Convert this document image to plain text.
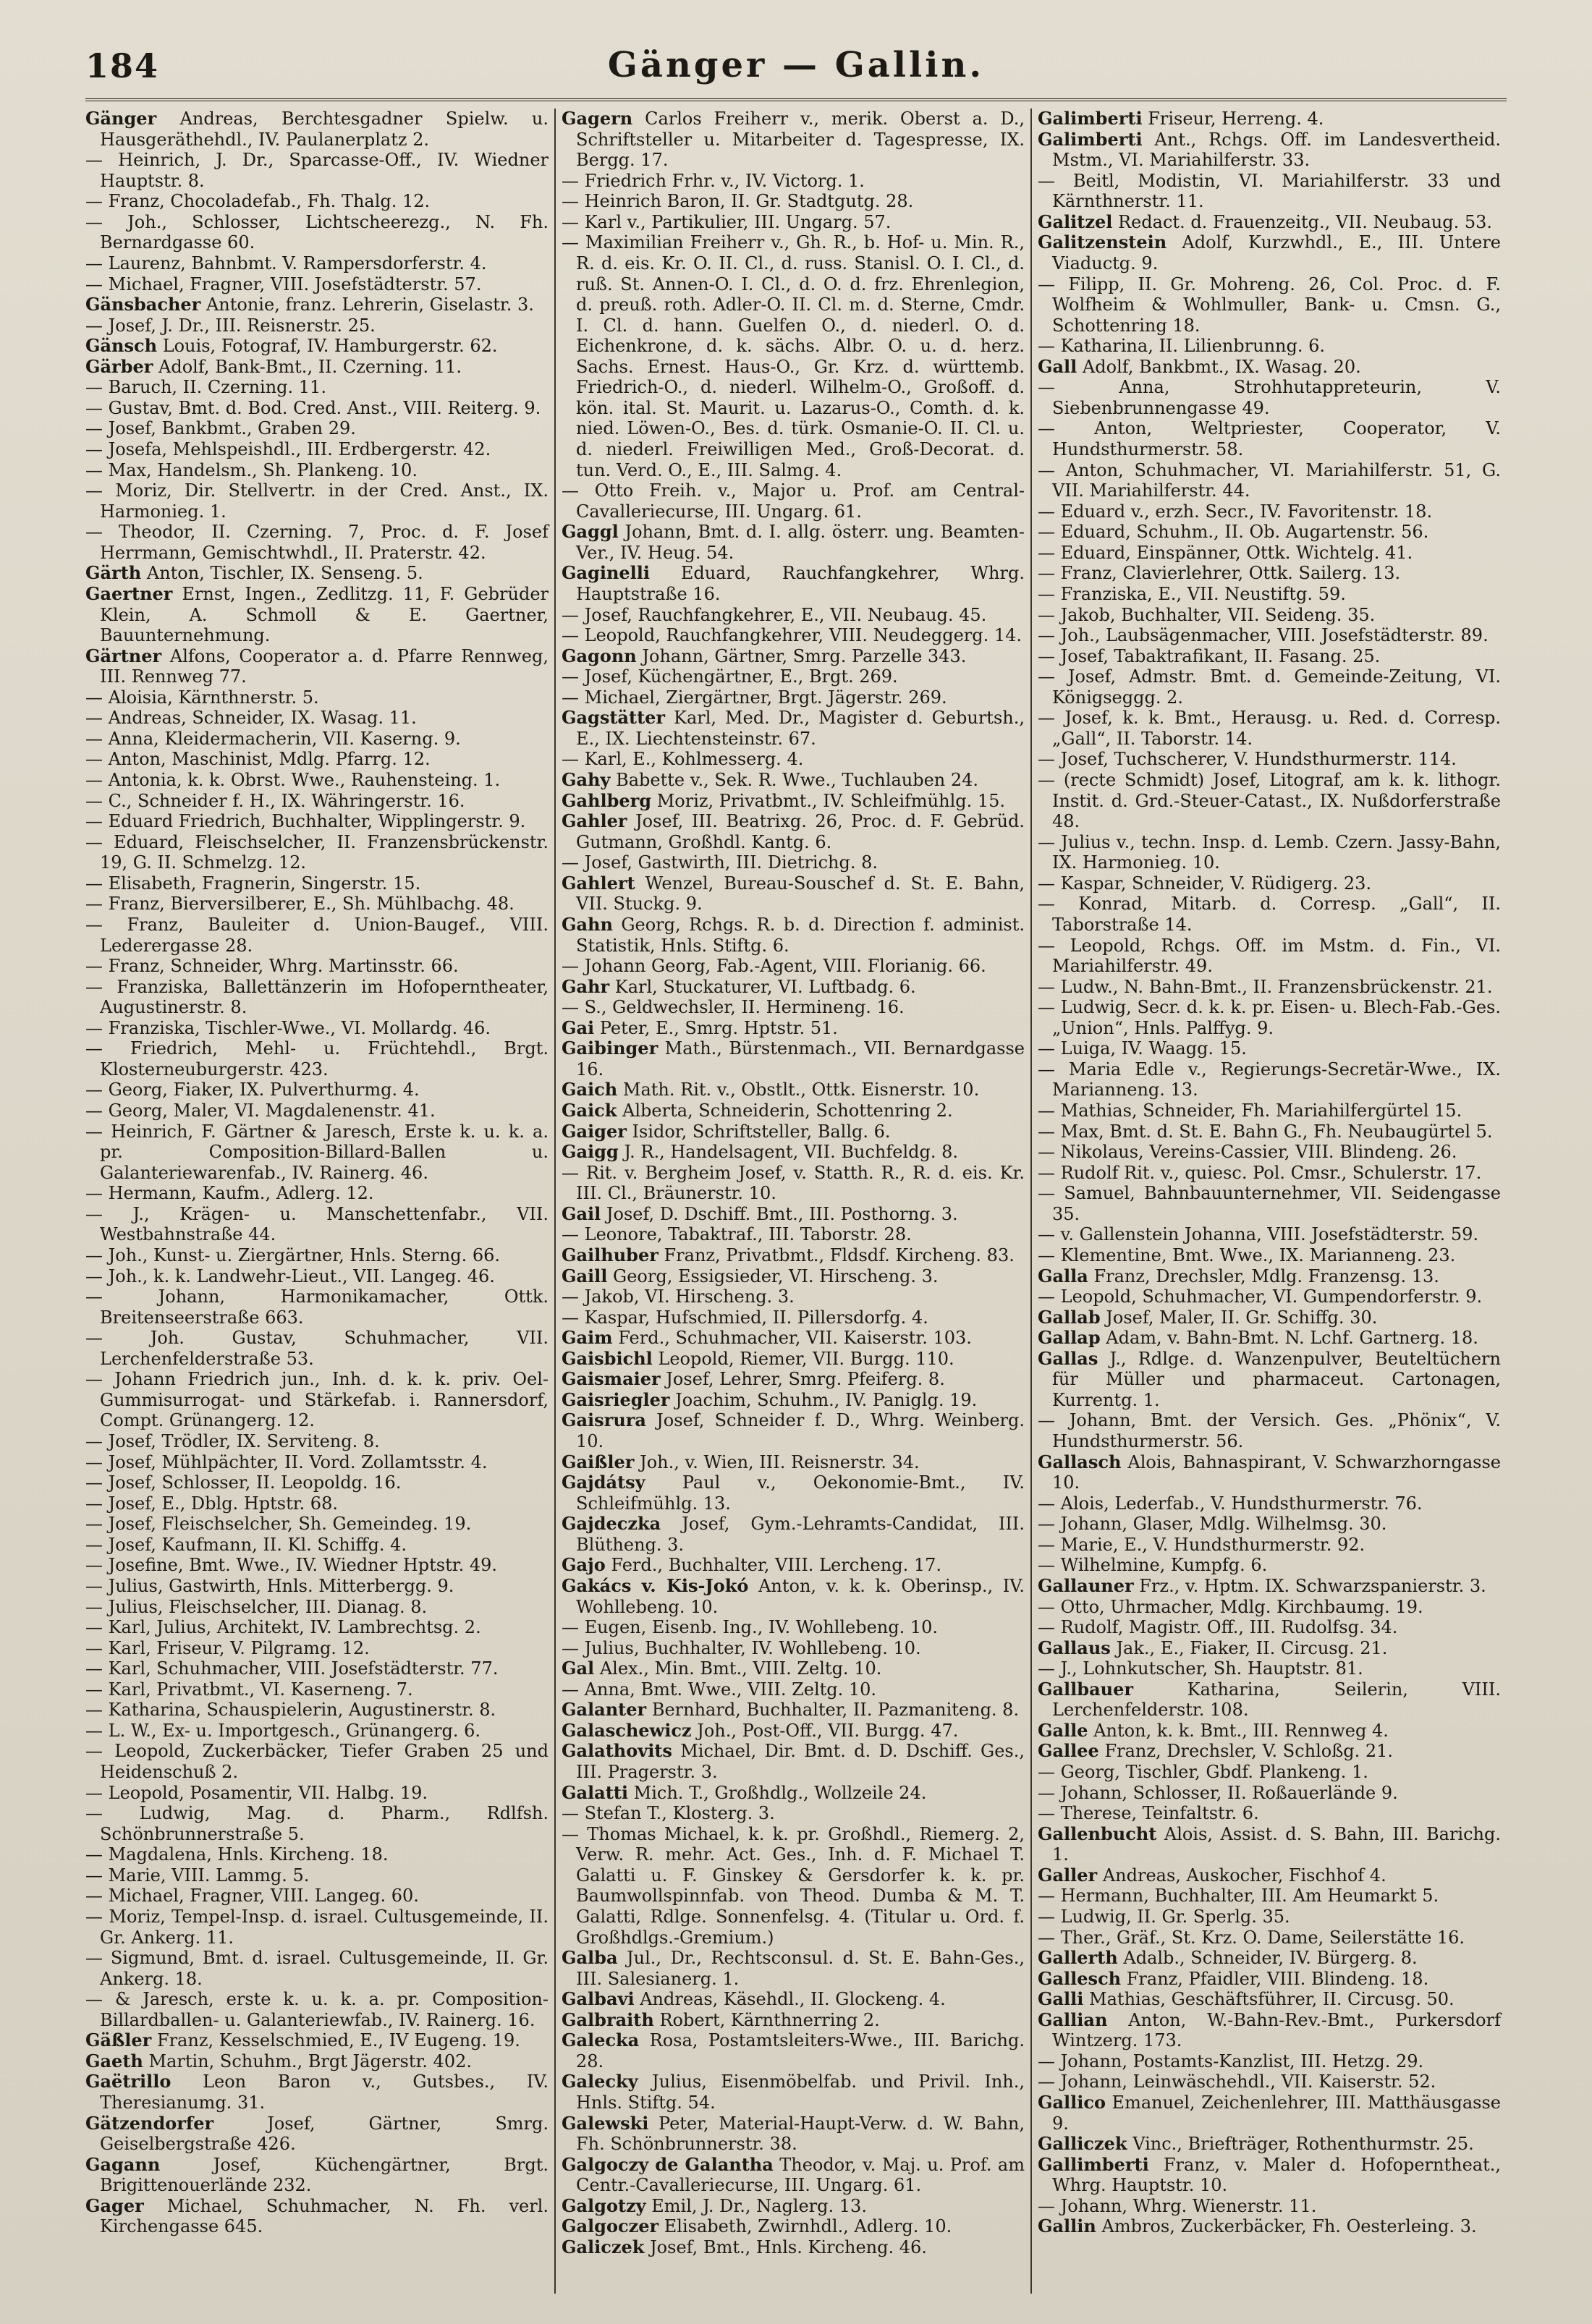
184	Gänger — Gallin.

Gänger Andreas, Berchtesgadner Spielw. u. Hausgeräthehdl., IV. Paulanerplatz 2.

— Heinrich, J. Dr., Sparcasse-Off., IV. Wiedner Hauptstr. 8.

— Franz, Chocoladefab., Fh. Thalg. 12.

— Joh., Schlosser, Lichtscheerezg., N. Fh. Bernardgasse 60.

— Laurenz, Bahnbmt. V. Rampersdorferstr. 4.

— Michael, Fragner, VIII. Josefstädterstr. 57.

Gänsbacher Antonie, franz. Lehrerin, Giselastr. 3.

— Josef, J. Dr., III. Reisnerstr. 25.

Gänsch Louis, Fotograf, IV. Hamburgerstr. 62.

Gärber Adolf, Bank-Bmt., II. Czerning. 11.

— Baruch, II. Czerning. 11.

— Gustav, Bmt. d. Bod. Cred. Anst., VIII. Reiterg. 9.

— Josef, Bankbmt., Graben 29.

— Josefa, Mehlspeishdl., III. Erdbergerstr. 42.

— Max, Handelsm., Sh. Plankeng. 10.

— Moriz, Dir. Stellvertr. in der Cred. Anst., IX. Harmonieg. 1.

— Theodor, II. Czerning. 7, Proc. d. F. Josef Herrmann, Gemischtwhdl., II. Praterstr. 42.

Gärth Anton, Tischler, IX. Senseng. 5.

Gaertner Ernst, Ingen., Zedlitzg. 11, F. Gebrüder Klein, A. Schmoll & E. Gaertner, Bauunternehmung.

Gärtner Alfons, Cooperator a. d. Pfarre Rennweg, III. Rennweg 77.

— Aloisia, Kärnthnerstr. 5.

— Andreas, Schneider, IX. Wasag. 11.

— Anna, Kleidermacherin, VII. Kaserng. 9.

— Anton, Maschinist, Mdlg. Pfarrg. 12.

— Antonia, k. k. Obrst. Wwe., Rauhensteing. 1.

— C., Schneider f. H., IX. Währingerstr. 16.

— Eduard Friedrich, Buchhalter, Wipplingerstr. 9.

— Eduard, Fleischselcher, II. Franzensbrückenstr. 19, G. II. Schmelzg. 12.

— Elisabeth, Fragnerin, Singerstr. 15.

— Franz, Bierversilberer, E., Sh. Mühlbachg. 48.

— Franz, Bauleiter d. Union-Baugef., VIII. Lederergasse 28.

— Franz, Schneider, Whrg. Martinsstr. 66.

— Franziska, Ballettänzerin im Hofoperntheater, Augustinerstr. 8.

— Franziska, Tischler-Wwe., VI. Mollardg. 46.

— Friedrich, Mehl- u. Früchtehdl., Brgt. Klosterneuburgerstr. 423.

— Georg, Fiaker, IX. Pulverthurmg. 4.

— Georg, Maler, VI. Magdalenenstr. 41.

— Heinrich, F. Gärtner & Jaresch, Erste k. u. k. a. pr. Composition-Billard-Ballen u. Galanteriewarenfab., IV. Rainerg. 46.

— Hermann, Kaufm., Adlerg. 12.

— J., Krägen- u. Manschettenfabr., VII. Westbahnstraße 44.

— Joh., Kunst- u. Ziergärtner, Hnls. Sterng. 66.

— Joh., k. k. Landwehr-Lieut., VII. Langeg. 46.

— Johann, Harmonikamacher, Ottk. Breitenseerstraße 663.

— Joh. Gustav, Schuhmacher, VII. Lerchenfelderstraße 53.

— Johann Friedrich jun., Inh. d. k. k. priv. Oel-Gummisurrogat- und Stärkefab. i. Rannersdorf, Compt. Grünangerg. 12.

— Josef, Trödler, IX. Serviteng. 8.

— Josef, Mühlpächter, II. Vord. Zollamtsstr. 4.

— Josef, Schlosser, II. Leopoldg. 16.

— Josef, E., Dblg. Hptstr. 68.

— Josef, Fleischselcher, Sh. Gemeindeg. 19.

— Josef, Kaufmann, II. Kl. Schiffg. 4.

— Josefine, Bmt. Wwe., IV. Wiedner Hptstr. 49.

— Julius, Gastwirth, Hnls. Mitterbergg. 9.

— Julius, Fleischselcher, III. Dianag. 8.

— Karl, Julius, Architekt, IV. Lambrechtsg. 2.

— Karl, Friseur, V. Pilgramg. 12.

— Karl, Schuhmacher, VIII. Josefstädterstr. 77.

— Karl, Privatbmt., VI. Kaserneng. 7.

— Katharina, Schauspielerin, Augustinerstr. 8.

— L. W., Ex- u. Importgesch., Grünangerg. 6.

— Leopold, Zuckerbäcker, Tiefer Graben 25 und Heidenschuß 2.

— Leopold, Posamentir, VII. Halbg. 19.

— Ludwig, Mag. d. Pharm., Rdlfsh. Schönbrunnerstraße 5.

— Magdalena, Hnls. Kircheng. 18.

— Marie, VIII. Lammg. 5.

— Michael, Fragner, VIII. Langeg. 60.

— Moriz, Tempel-Insp. d. israel. Cultusgemeinde, II. Gr. Ankerg. 11.

— Sigmund, Bmt. d. israel. Cultusgemeinde, II. Gr. Ankerg. 18.

— & Jaresch, erste k. u. k. a. pr. Composition-Billardballen- u. Galanteriewfab., IV. Rainerg. 16.

Gäßler Franz, Kesselschmied, E., IV Eugeng. 19.

Gaeth Martin, Schuhm., Brgt Jägerstr. 402.

Gaëtrillo Leon Baron v., Gutsbes., IV. Theresianumg. 31.

Gätzendorfer	Josef, Gärtner, Smrg. Geiselbergstraße 426.

Gagann	Josef, Küchengärtner, Brgt. Brigittenouerlände 232.

Gager Michael, Schuhmacher, N. Fh. verl. Kirchengasse 645.

Gagern Carlos Freiherr v., merik. Oberst a. D., Schriftsteller u. Mitarbeiter d. Tagespresse, IX. Bergg. 17.

— Friedrich Frhr. v., IV. Victorg. 1.

— Heinrich Baron, II. Gr. Stadtgutg. 28.

— Karl v., Partikulier, III. Ungarg. 57.

— Maximilian Freiherr v., Gh. R., b. Hof- u. Min. R., R. d. eis. Kr. O. II. Cl., d. russ. Stanisl. O. I. Cl., d. ruß. St. Annen-O. I. Cl., d. O. d. frz. Ehrenlegion, d. preuß. roth. Adler-O. II. Cl. m. d. Sterne, Cmdr. I. Cl. d. hann. Guelfen O., d. niederl. O. d. Eichenkrone, d. k. sächs. Albr. O. u. d. herz. Sachs. Ernest. Haus-O., Gr. Krz. d. württemb. Friedrich-O., d. niederl. Wilhelm-O., Großoff. d. kön. ital. St. Maurit. u. Lazarus-O., Comth. d. k. nied. Löwen-O., Bes. d. türk. Osmanie-O. II. Cl. u. d. niederl. Freiwilligen Med., Groß-Decorat. d. tun. Verd. O., E., III. Salmg. 4.

— Otto Freih. v., Major u. Prof. am Central-Cavalleriecurse, III. Ungarg. 61.

Gaggl Johann, Bmt. d. I. allg. österr. ung. Beamten-Ver., IV. Heug. 54.

Gaginelli Eduard, Rauchfangkehrer, Whrg. Hauptstraße 16.

— Josef, Rauchfangkehrer, E., VII. Neubaug. 45.

— Leopold, Rauchfangkehrer, VIII. Neudeggerg. 14.

Gagonn Johann, Gärtner, Smrg. Parzelle 343.

— Josef, Küchengärtner, E., Brgt. 269.

— Michael, Ziergärtner, Brgt. Jägerstr. 269.

Gagstätter Karl, Med. Dr., Magister d. Geburtsh., E., IX. Liechtensteinstr. 67.

— Karl, E., Kohlmesserg. 4.

Gahy Babette v., Sek. R. Wwe., Tuchlauben 24.

Gahlberg Moriz, Privatbmt., IV. Schleifmühlg. 15.

Gahler Josef, III. Beatrixg. 26, Proc. d. F. Gebrüd. Gutmann, Großhdl. Kantg. 6.

— Josef, Gastwirth, III. Dietrichg. 8.

Gahlert Wenzel, Bureau-Souschef d. St. E. Bahn, VII. Stuckg. 9.

Gahn Georg, Rchgs. R. b. d. Direction f. administ. Statistik, Hnls. Stiftg. 6.

— Johann Georg, Fab.-Agent, VIII. Florianig. 66.

Gahr Karl, Stuckaturer, VI. Luftbadg. 6.

— S., Geldwechsler, II. Hermineng. 16.

Gai Peter, E., Smrg. Hptstr. 51.

Gaibinger Math., Bürstenmach., VII. Bernardgasse 16.

Gaich Math. Rit. v., Obstlt., Ottk. Eisnerstr. 10.

Gaick Alberta, Schneiderin, Schottenring 2.

Gaiger Isidor, Schriftsteller, Ballg. 6.

Gaigg J. R., Handelsagent, VII. Buchfeldg. 8.

— Rit. v. Bergheim Josef, v. Statth. R., R. d. eis. Kr. III. Cl., Bräunerstr. 10.

Gail Josef, D. Dschiff. Bmt., III. Posthorng. 3.

— Leonore, Tabaktraf., III. Taborstr. 28.

Gailhuber Franz, Privatbmt., Fldsdf. Kircheng. 83.

Gaill Georg, Essigsieder, VI. Hirscheng. 3.

— Jakob, VI. Hirscheng. 3.

— Kaspar, Hufschmied, II. Pillersdorfg. 4.

Gaim Ferd., Schuhmacher, VII. Kaiserstr. 103.

Gaisbichl Leopold, Riemer, VII. Burgg. 110.

Gaismaier Josef, Lehrer, Smrg. Pfeiferg. 8.

Gaisriegler Joachim, Schuhm., IV. Paniglg. 19.

Gaisrura Josef, Schneider f. D., Whrg. Weinberg. 10.

Gaißler Joh., v. Wien, III. Reisnerstr. 34.

Gajdátsy Paul v., Oekonomie-Bmt., IV. Schleifmühlg. 13.

Gajdeczka Josef, Gym.-Lehramts-Candidat, III. Blütheng. 3.

Gajo Ferd., Buchhalter, VIII. Lercheng. 17.

Gakács v. Kis-Jokó Anton, v. k. k. Oberinsp., IV. Wohllebeng. 10.

— Eugen, Eisenb. Ing., IV. Wohllebeng. 10.

— Julius, Buchhalter, IV. Wohllebeng. 10.

Gal Alex., Min. Bmt., VIII. Zeltg. 10.

— Anna, Bmt. Wwe., VIII. Zeltg. 10.

Galanter Bernhard, Buchhalter, II. Pazmaniteng. 8.

Galaschewicz Joh., Post-Off., VII. Burgg. 47.

Galathovits Michael, Dir. Bmt. d. D. Dschiff. Ges., III. Pragerstr. 3.

Galatti Mich. T., Großhdlg., Wollzeile 24.

— Stefan T., Klosterg. 3.

— Thomas Michael, k. k. pr. Großhdl., Riemerg. 2, Verw. R. mehr. Act. Ges., Inh. d. F. Michael T. Galatti u. F. Ginskey & Gersdorfer k. k. pr. Baumwollspinnfab. von Theod. Dumba & M. T. Galatti, Rdlge. Sonnenfelsg. 4. (Titular u. Ord. f. Großhdlgs.-Gremium.)

Galba Jul., Dr., Rechtsconsul. d. St. E. Bahn-Ges., III. Salesianerg. 1.

Galbavi Andreas, Käsehdl., II. Glockeng. 4.

Galbraith Robert, Kärnthnerring 2.

Galecka Rosa, Postamtsleiters-Wwe., III. Barichg. 28.

Galecky Julius, Eisenmöbelfab. und Privil. Inh., Hnls. Stiftg. 54.

Galewski Peter, Material-Haupt-Verw. d. W. Bahn, Fh. Schönbrunnerstr. 38.

Galgoczy de Galantha Theodor, v. Maj. u. Prof. am Centr.-Cavalleriecurse, III. Ungarg. 61.

Galgotzy Emil, J. Dr., Naglerg. 13.

Galgoczer Elisabeth, Zwirnhdl., Adlerg. 10.

Galiczek Josef, Bmt., Hnls. Kircheng. 46.

Galimberti Friseur, Herreng. 4.

Galimberti Ant., Rchgs. Off. im Landesvertheid. Mstm., VI. Mariahilferstr. 33.

— Beitl, Modistin, VI. Mariahilferstr. 33 und Kärnthnerstr. 11.

Galitzel Redact. d. Frauenzeitg., VII. Neubaug. 53.

Galitzenstein Adolf, Kurzwhdl., E., III. Untere Viaductg. 9.

— Filipp, II. Gr. Mohreng. 26, Col. Proc. d. F. Wolfheim & Wohlmuller, Bank- u. Cmsn. G., Schottenring 18.

— Katharina, II. Lilienbrunng. 6.

Gall Adolf, Bankbmt., IX. Wasag. 20.

— Anna, Strohhutappreteurin, V. Siebenbrunnengasse 49.

— Anton, Weltpriester, Cooperator, V. Hundsthurmerstr. 58.

— Anton, Schuhmacher, VI. Mariahilferstr. 51, G. VII. Mariahilferstr. 44.

— Eduard v., erzh. Secr., IV. Favoritenstr. 18.

— Eduard, Schuhm., II. Ob. Augartenstr. 56.

— Eduard, Einspänner, Ottk. Wichtelg. 41.

— Franz, Clavierlehrer, Ottk. Sailerg. 13.

— Franziska, E., VII. Neustiftg. 59.

— Jakob, Buchhalter, VII. Seideng. 35.

— Joh., Laubsägenmacher, VIII. Josefstädterstr. 89.

— Josef, Tabaktrafikant, II. Fasang. 25.

— Josef, Admstr. Bmt. d. Gemeinde-Zeitung, VI. Königseggg. 2.

— Josef, k. k. Bmt., Herausg. u. Red. d. Corresp. „Gall“, II. Taborstr. 14.

— Josef, Tuchscherer, V. Hundsthurmerstr. 114.

— (recte Schmidt) Josef, Litograf, am k. k. lithogr. Instit. d. Grd.-Steuer-Catast., IX. Nußdorferstraße 48.

— Julius v., techn. Insp. d. Lemb. Czern. Jassy-Bahn, IX. Harmonieg. 10.

— Kaspar, Schneider, V. Rüdigerg. 23.

— Konrad, Mitarb. d. Corresp. „Gall“, II. Taborstraße 14.

— Leopold, Rchgs. Off. im Mstm. d. Fin., VI. Mariahilferstr. 49.

— Ludw., N. Bahn-Bmt., II. Franzensbrückenstr. 21.

— Ludwig, Secr. d. k. k. pr. Eisen- u. Blech-Fab.-Ges. „Union“, Hnls. Palffyg. 9.

— Luiga, IV. Waagg. 15.

— Maria Edle v., Regierungs-Secretär-Wwe., IX. Marianneng. 13.

— Mathias, Schneider, Fh. Mariahilfergürtel 15.

— Max, Bmt. d. St. E. Bahn G., Fh. Neubaugürtel 5.

— Nikolaus, Vereins-Cassier, VIII. Blindeng. 26.

— Rudolf Rit. v., quiesc. Pol. Cmsr., Schulerstr. 17.

— Samuel, Bahnbauunternehmer, VII. Seidengasse 35.

— v. Gallenstein Johanna, VIII. Josefstädterstr. 59.

— Klementine, Bmt. Wwe., IX. Marianneng. 23.

Galla Franz, Drechsler, Mdlg. Franzensg. 13.

— Leopold, Schuhmacher, VI. Gumpendorferstr. 9.

Gallab Josef, Maler, II. Gr. Schiffg. 30.

Gallap Adam, v. Bahn-Bmt. N. Lchf. Gartnerg. 18.

Gallas J., Rdlge. d. Wanzenpulver, Beuteltüchern für Müller und pharmaceut. Cartonagen, Kurrentg. 1.

— Johann, Bmt. der Versich. Ges. „Phönix“, V. Hundsthurmerstr. 56.

Gallasch Alois, Bahnaspirant, V. Schwarzhorngasse 10.

— Alois, Lederfab., V. Hundsthurmerstr. 76.

— Johann, Glaser, Mdlg. Wilhelmsg. 30.

— Marie, E., V. Hundsthurmerstr. 92.

— Wilhelmine, Kumpfg. 6.

Gallauner Frz., v. Hptm. IX. Schwarzspanierstr. 3.

— Otto, Uhrmacher, Mdlg. Kirchbaumg. 19.

— Rudolf, Magistr. Off., III. Rudolfsg. 34.

Gallaus Jak., E., Fiaker, II. Circusg. 21.

— J., Lohnkutscher, Sh. Hauptstr. 81.

Gallbauer	Katharina, Seilerin, VIII. Lerchenfelderstr. 108.

Galle Anton, k. k. Bmt., III. Rennweg 4.

Gallee Franz, Drechsler, V. Schloßg. 21.

— Georg, Tischler, Gbdf. Plankeng. 1.

— Johann, Schlosser, II. Roßauerlände 9.

— Therese, Teinfaltstr. 6.

Gallenbucht Alois, Assist. d. S. Bahn, III. Barichg. 1.

Galler Andreas, Auskocher, Fischhof 4.

— Hermann, Buchhalter, III. Am Heumarkt 5.

— Ludwig, II. Gr. Sperlg. 35.

— Ther., Gräf., St. Krz. O. Dame, Seilerstätte 16.

Gallerth Adalb., Schneider, IV. Bürgerg. 8.

Gallesch Franz, Pfaidler, VIII. Blindeng. 18.

Galli Mathias, Geschäftsführer, II. Circusg. 50.

Gallian Anton, W.-Bahn-Rev.-Bmt., Purkersdorf Wintzerg. 173.

— Johann, Postamts-Kanzlist, III. Hetzg. 29.

— Johann, Leinwäschehdl., VII. Kaiserstr. 52.

Gallico Emanuel, Zeichenlehrer, III. Matthäusgasse 9.

Galliczek Vinc., Briefträger, Rothenthurmstr. 25.

Gallimberti Franz, v. Maler d. Hofoperntheat., Whrg. Hauptstr. 10.

— Johann, Whrg. Wienerstr. 11.

Gallin Ambros, Zuckerbäcker, Fh. Oesterleing. 3.
